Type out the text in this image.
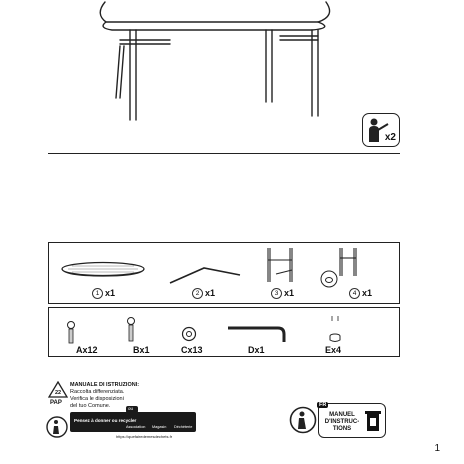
x2
1 x1	2 x1	3 x1	4 x1
Ax12	Bx1	Cx13	Dx1	Ex4
22
PAP
MANUALE DI ISTRUZIONI:
Raccolta differenziata.
Verifica le disposizioni
del tuo Comune.
Pensez à donner ou recycler
Association Magasin Déchèterie
ou
https://quefairedemesdechets.fr
FR
MANUEL D'INSTRUC-TIONS
1
